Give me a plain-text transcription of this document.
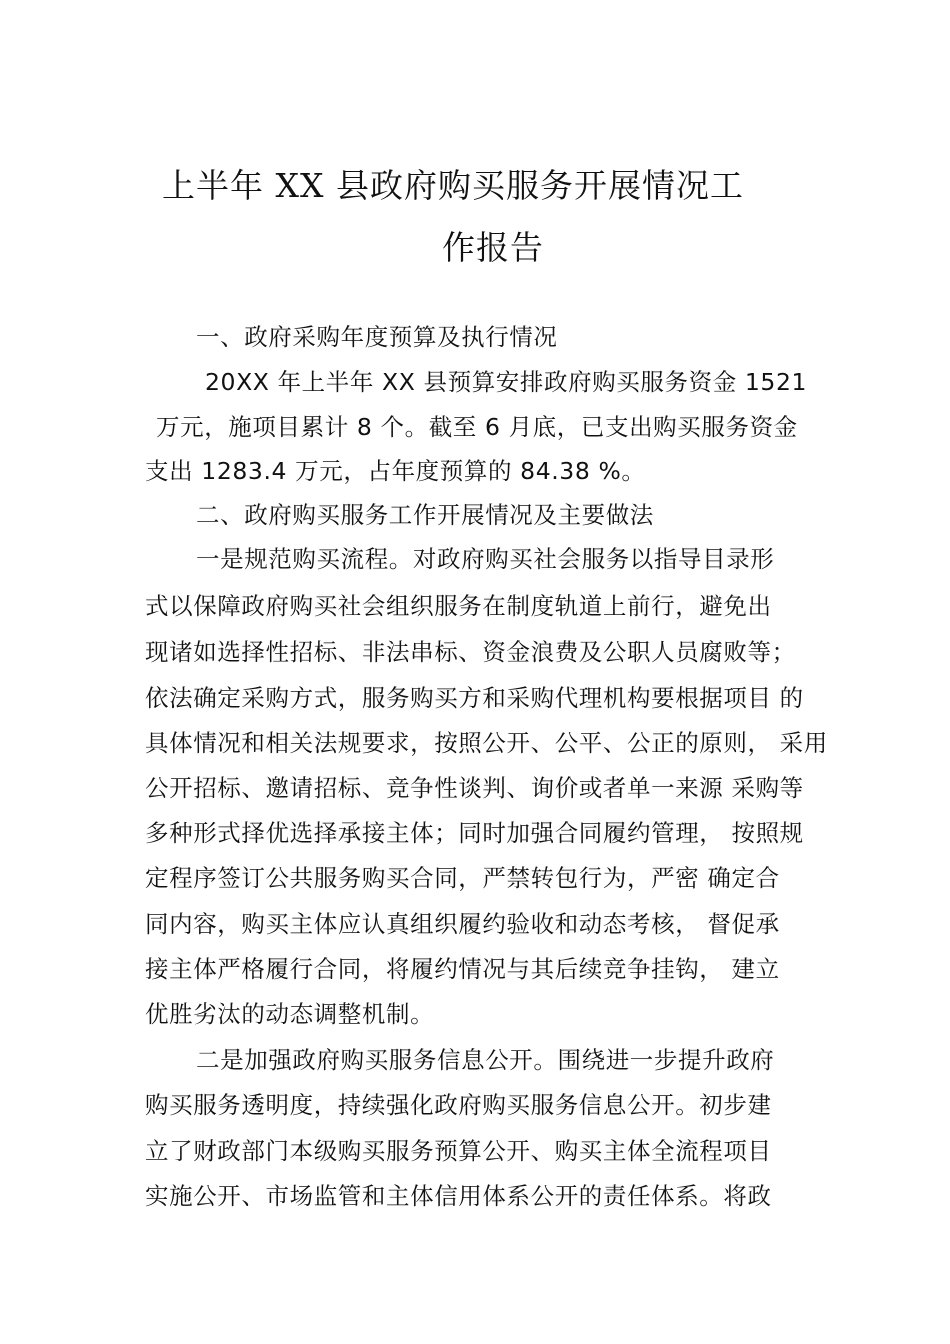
上半年 XX 县政府购买服务开展情况工
作报告
一、政府采购年度预算及执行情况
20XX 年上半年 XX 县预算安排政府购买服务资金 1521
万元，施项目累计 8 个。截至 6 月底，已支出购买服务资金
支出 1283.4 万元，占年度预算的 84.38 %。
二、政府购买服务工作开展情况及主要做法
一是规范购买流程。对政府购买社会服务以指导目录形
式以保障政府购买社会组织服务在制度轨道上前行，避免出
现诸如选择性招标、非法串标、资金浪费及公职人员腐败等；
依法确定采购方式，服务购买方和采购代理机构要根据项目 的
具体情况和相关法规要求，按照公开、公平、公正的原则， 采用
公开招标、邀请招标、竞争性谈判、询价或者单一来源 采购等
多种形式择优选择承接主体；同时加强合同履约管理， 按照规
定程序签订公共服务购买合同，严禁转包行为，严密 确定合
同内容，购买主体应认真组织履约验收和动态考核， 督促承
接主体严格履行合同，将履约情况与其后续竞争挂钩， 建立
优胜劣汰的动态调整机制。
二是加强政府购买服务信息公开。围绕进一步提升政府
购买服务透明度，持续强化政府购买服务信息公开。初步建
立了财政部门本级购买服务预算公开、购买主体全流程项目
实施公开、市场监管和主体信用体系公开的责任体系。将政
